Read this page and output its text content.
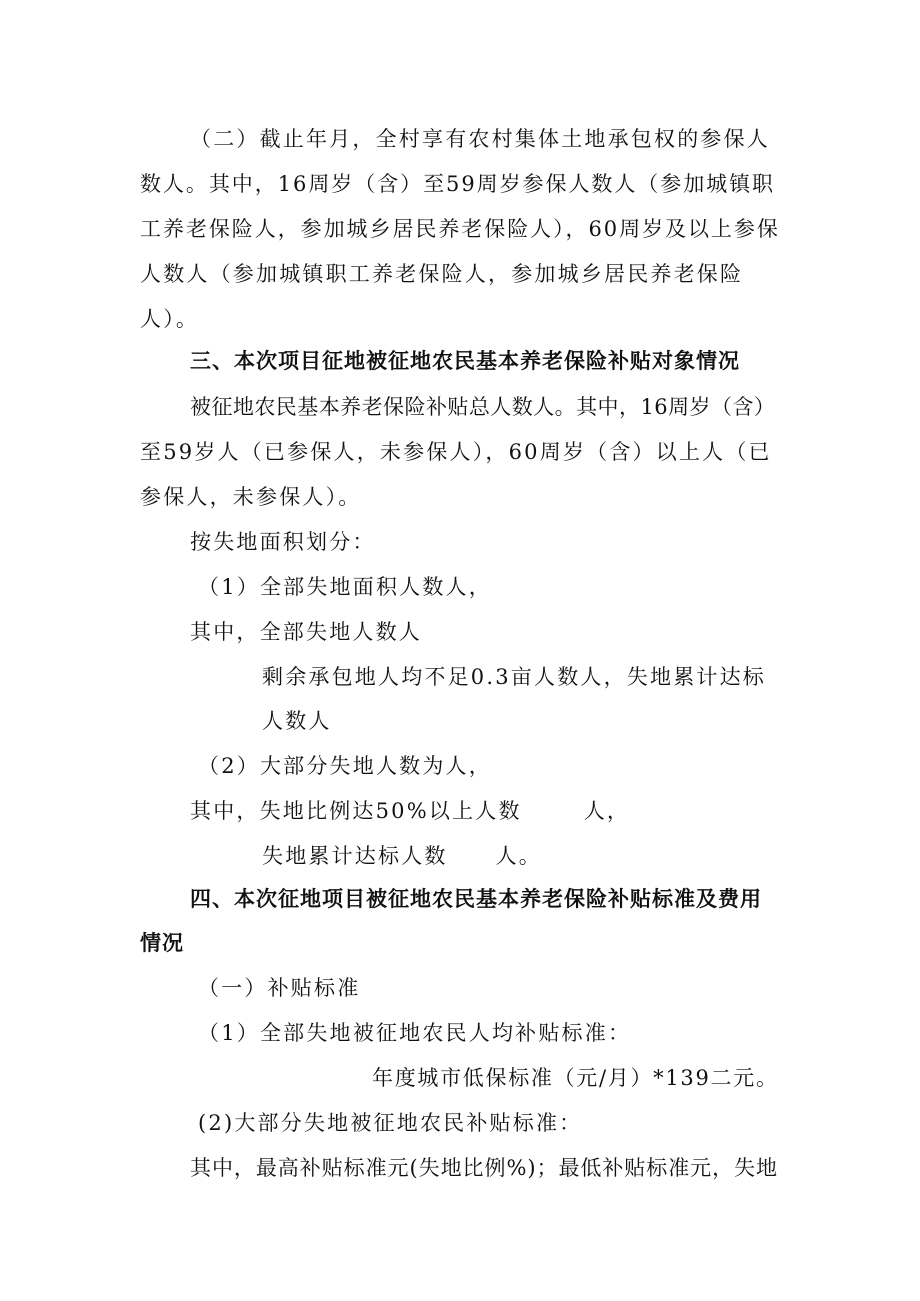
（二）截止年月，全村享有农村集体土地承包权的参保人
数人。其中，16周岁（含）至59周岁参保人数人（参加城镇职
工养老保险人，参加城乡居民养老保险人），60周岁及以上参保
人数人（参加城镇职工养老保险人，参加城乡居民养老保险
人）。
三、本次项目征地被征地农民基本养老保险补贴对象情况
被征地农民基本养老保险补贴总人数人。其中，16周岁（含）
至59岁人（已参保人，未参保人），60周岁（含）以上人（已
参保人，未参保人）。
按失地面积划分：
（1）全部失地面积人数人，
其中，全部失地人数人
剩余承包地人均不足0.3亩人数人，失地累计达标
人数人
（2）大部分失地人数为人，
其中，失地比例达50%以上人数	人，
失地累计达标人数 人。
四、本次征地项目被征地农民基本养老保险补贴标准及费用
情况
（一）补贴标准
（1）全部失地被征地农民人均补贴标准：
年度城市低保标准（元/月）*139二元。
(2)大部分失地被征地农民补贴标准：
其中，最高补贴标准元(失地比例%)；最低补贴标准元，失地
